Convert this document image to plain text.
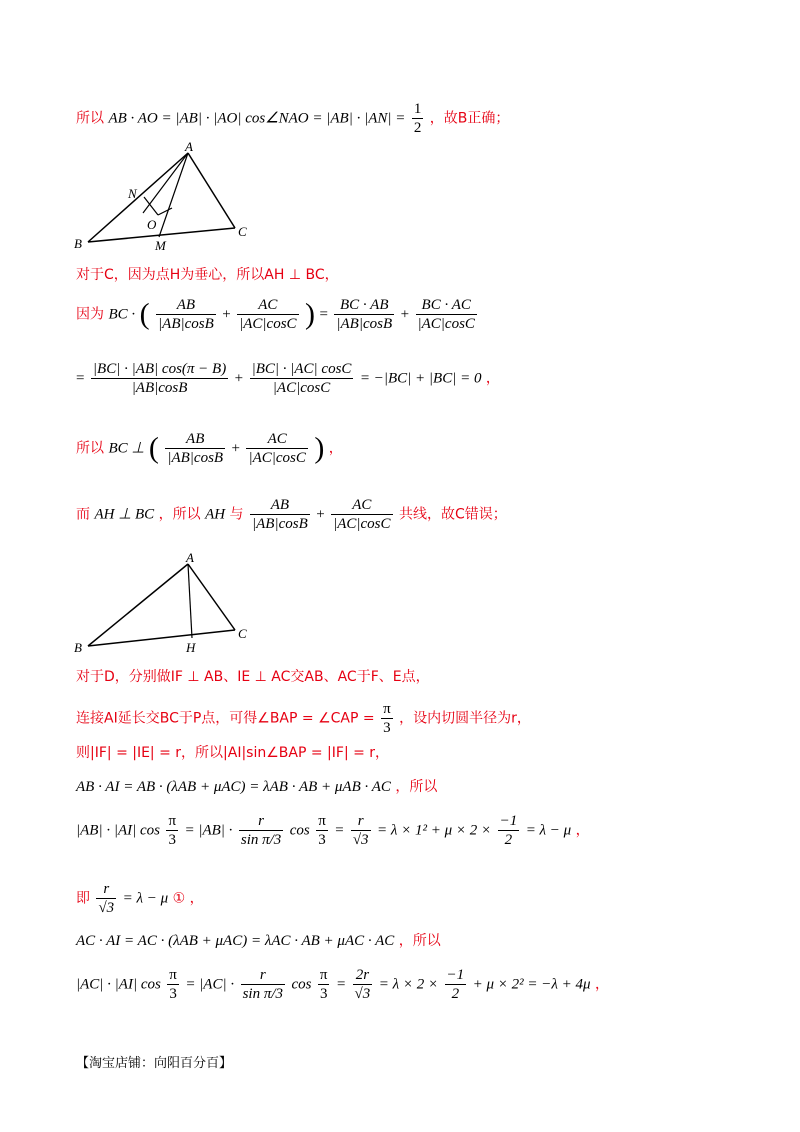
所以 AB · AO = |AB| · |AO| cos∠NAO = $|AB| \cdot |AN| = \frac{1}{2}$ ，故B正确；
A
N
O
B	M
C
对于C，因为点H为垂心，所以AH ⊥ BC，
因为 BC · ( $\frac{AB}{|AB|\cos B} + \frac{AC}{|AC|\cos C}$ ) = $\frac{BC \cdot AB}{|AB|\cos B} + \frac{BC \cdot AC}{|AC|\cos C}$
= $\frac{|BC| \cdot |AB| \cos(\pi - B)}{|AB|\cos B} + \frac{|BC| \cdot |AC| \cos C}{|AC|\cos C} = -|BC| + |BC| = 0$ ，
所以 BC ⊥ ( $\frac{AB}{|AB|\cos B} + \frac{AC}{|AC|\cos C}$ ) ，
而 AH ⊥ BC ，所以 AH 与 $\frac{AB}{|AB|\cos B} + \frac{AC}{|AC|\cos C}$ 共线，故C错误；
A
B	H
C
对于D，分别做IF ⊥ AB、IE ⊥ AC交AB、AC于F、E点，
连接AI延长交BC于P点，可得∠BAP = ∠CAP = $\frac{\pi}{3}$ ，设内切圆半径为r，
则|IF| = |IE| = r，所以|AI|sin∠BAP = |IF| = r，
AB · AI = AB · (λAB + μAC) = λAB · AB + μAB · AC ，所以
|AB| · |AI| $\cos \frac{\pi}{3} = |AB| \cdot \frac{r}{\text{sin π/3}}$ $\cos \frac{\pi}{3} = \frac{r}{√3} = \lambda \times 1^2 + \mu \times 2 \times \frac{-1}{2} = \lambda - \mu$ ，
即 $\frac{r}{√3} = \lambda - \mu$ ① ，
AC · AI = AC · (λAB + μAC) = λAC · AB + μAC · AC ，所以
|AC| · |AI| $\cos \frac{\pi}{3} = |AC| \cdot \frac{r}{\text{sin π/3}}$ $\cos \frac{\pi}{3} = \frac{2r}{√3} = \lambda \times 2 \times \frac{-1}{2} + \mu \times 2^2 = -\lambda + 4\mu$ ，
【淘宝店铺：向阳百分百】
